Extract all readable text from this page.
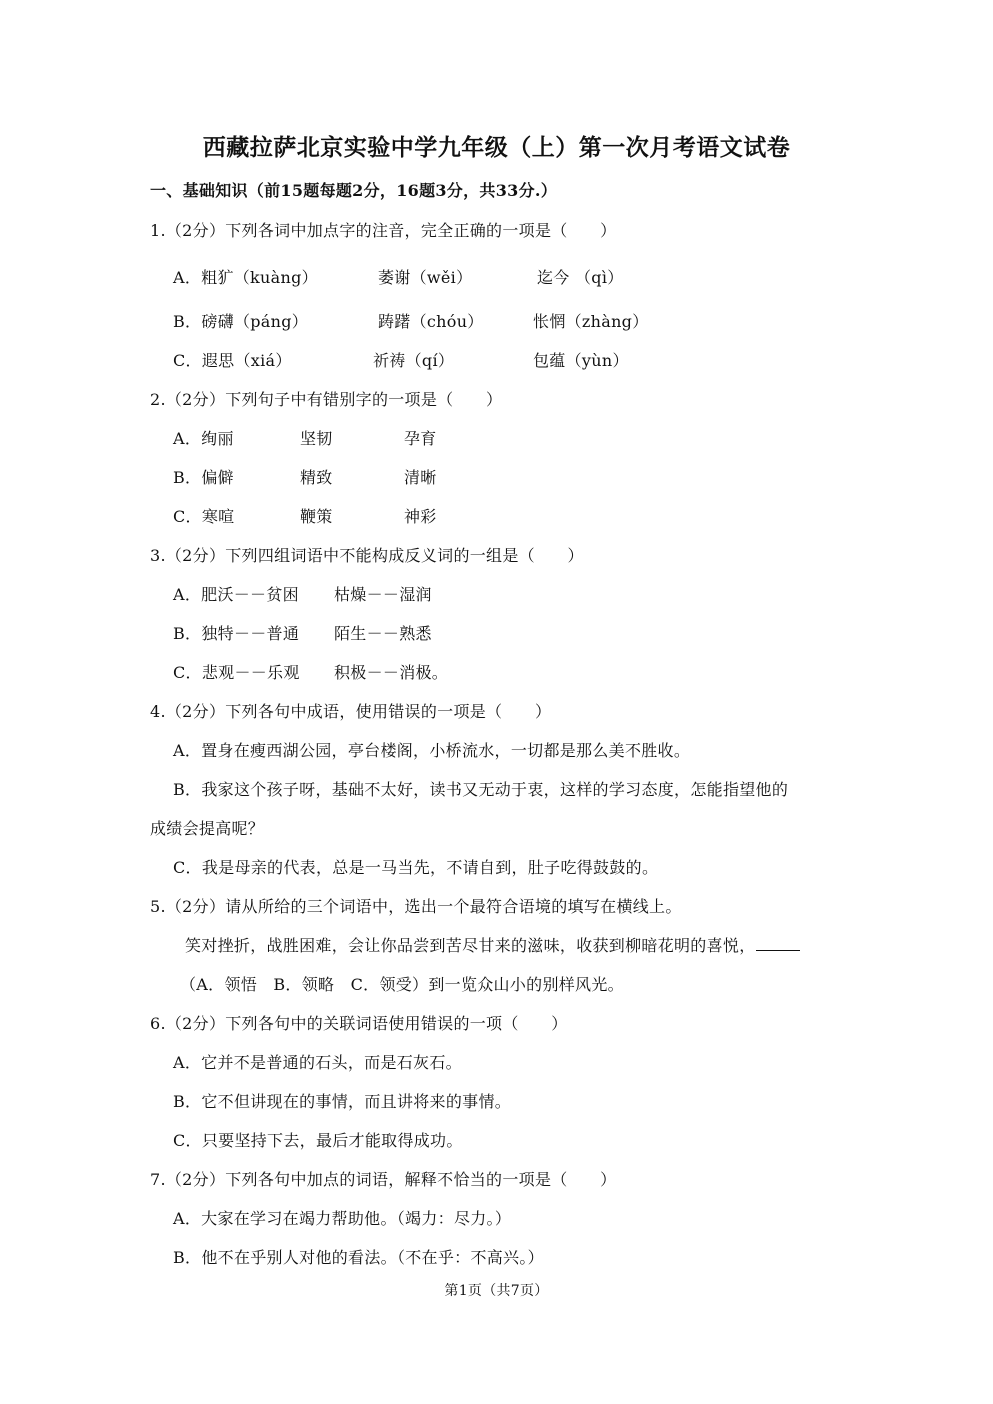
西藏拉萨北京实验中学九年级（上）第一次月考语文试卷
一、基础知识（前15题每题2分，16题3分，共33分.）
1.（2分）下列各词中加点字的注音，完全正确的一项是（　　）
A．粗犷（kuàng）	萎谢（wěi）	迄今 （qì）
B．磅礴（páng）	踌躇（chóu）	怅惘（zhàng）
C．遐思（xiá）	祈祷（qí）	包蕴（yùn）
2.（2分）下列句子中有错别字的一项是（　　）
A．绚丽	坚韧	孕育
B．偏僻	精致	清晰
C．寒喧	鞭策	神彩
3.（2分）下列四组词语中不能构成反义词的一组是（　　）
A．肥沃－－贫困 枯燥－－湿润
B．独特－－普通 陌生－－熟悉
C．悲观－－乐观 积极－－消极。
4.（2分）下列各句中成语，使用错误的一项是（　　）
A．置身在瘦西湖公园，亭台楼阁，小桥流水，一切都是那么美不胜收。
B．我家这个孩子呀，基础不太好，读书又无动于衷，这样的学习态度，怎能指望他的
成绩会提高呢？
C．我是母亲的代表，总是一马当先，不请自到，肚子吃得鼓鼓的。
5.（2分）请从所给的三个词语中，选出一个最符合语境的填写在横线上。
笑对挫折，战胜困难，会让你品尝到苦尽甘来的滋味，收获到柳暗花明的喜悦，
（A．领悟　B．领略　C．领受）到一览众山小的别样风光。
6.（2分）下列各句中的关联词语使用错误的一项（　　）
A．它并不是普通的石头，而是石灰石。
B．它不但讲现在的事情，而且讲将来的事情。
C．只要坚持下去，最后才能取得成功。
7.（2分）下列各句中加点的词语，解释不恰当的一项是（　　）
A．大家在学习在竭力帮助他。（竭力：尽力。）
B．他不在乎别人对他的看法。（不在乎：不高兴。）
第1页（共7页）
